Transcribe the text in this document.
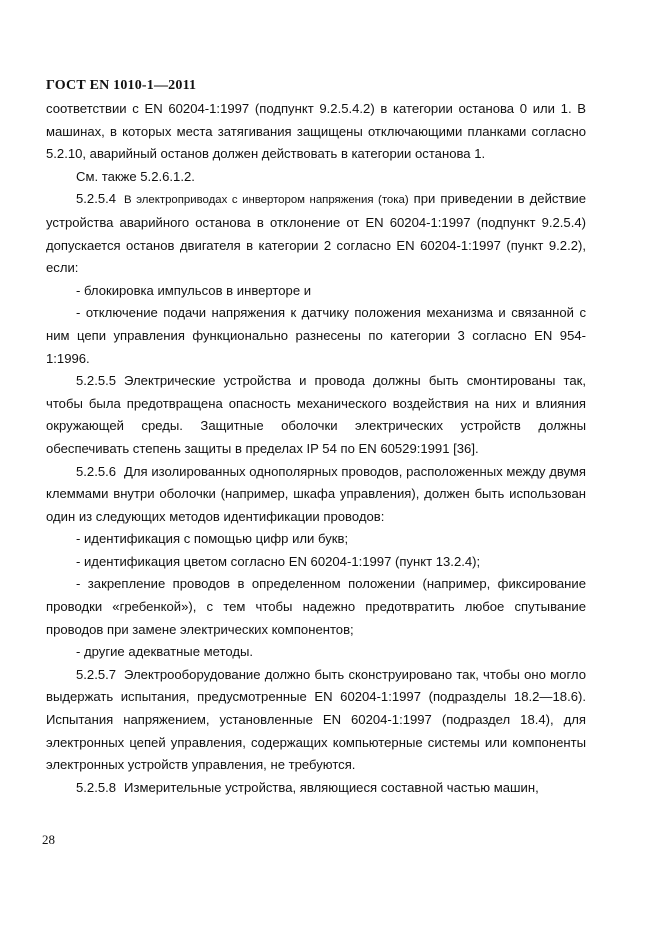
ГОСТ EN 1010-1—2011

соответствии c EN 60204-1:1997 (подпункт 9.2.5.4.2) в категории останова 0 или 1. В машинах, в которых места затягивания защищены отключающими планками согласно 5.2.10, аварийный останов должен действовать в категории останова 1.

Cм. также 5.2.6.1.2.

5.2.5.4 В электроприводах с инвертором напряжения (тока) при приведении в действие устройства аварийного останова в отклонение от EN 60204-1:1997 (подпункт 9.2.5.4) допускается останов двигателя в категории 2 согласно EN 60204-1:1997 (пункт 9.2.2), если:

- блокировка импульсов в инверторе и

- отключение подачи напряжения к датчику положения механизма и связанной с ним цепи управления функционально разнесены по категории 3 согласно EN 954-1:1996.

5.2.5.5 Электрические устройства и провода должны быть смонтированы так, чтобы была предотвращена опасность механического воздействия на них и влияния окружающей среды. Защитные оболочки электрических устройств должны обеспечивать степень защиты в пределах IP 54 по EN 60529:1991 [36].

5.2.5.6 Для изолированных однополярных проводов, расположенных между двумя клеммами внутри оболочки (например, шкафа управления), должен быть использован один из следующих методов идентификации проводов:

- идентификация с помощью цифр или букв;

- идентификация цветом согласно EN 60204-1:1997 (пункт 13.2.4);

- закрепление проводов в определенном положении (например, фиксирование проводки «гребенкой»), с тем чтобы надежно предотвратить любое спутывание проводов при замене электрических компонентов;

- другие адекватные методы.

5.2.5.7 Электрооборудование должно быть сконструировано так, чтобы оно могло выдержать испытания, предусмотренные EN 60204-1:1997 (подразделы 18.2—18.6). Испытания напряжением, установленные EN 60204-1:1997 (подраздел 18.4), для электронных цепей управления, содержащих компьютерные системы или компоненты электронных устройств управления, не требуются.

5.2.5.8 Измерительные устройства, являющиеся составной частью машин,

28
